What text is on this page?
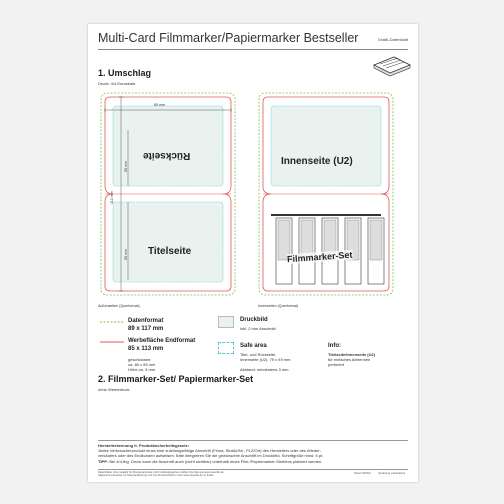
Multi-Card Filmmarker/Papiermarker Bestseller	Grafik-Datenblatt
1. Umschlag
Druck: 4/4 Euroskala
85 mm
113 mm
55 mm
55 mm
Rückseite
Titelseite
Außenseiten (Querformat)
Innenseite (U2)
Filmmarker-Set
Innenseiten (Querformat)
Datenformat
89 x 117 mm
Werbefläche Endformat
85 x 113 mm
geschlossen:
ca. 85 x 55 mm
Höhe ca. 3 mm
Druckbild
inkl. 2 mm Anschnitt
Safe area
Titel- und Rückseite,
Innenseite (U2): 79 x 49 mm
Abstand: mindestens 3 mm
Info:
Titelseite/Innenseite (U2)
für einfaches Abtrennen
perforiert
2. Filmmarker-Set/ Papiermarker-Set
ohne Werbedruck
Herstellerkennung lt. Produktsicherheitsgesetz:
Jedes Verbraucherprodukt muss eine zuteilungsfähige Anschrift (Firma, Straße/Nr., PLZ/Ort) des Herstellers oder des Wieder-
verkäufers oder des Endkunden aufweisen. Bitte integrieren Sie die gewünschte Anschrift im Druckbild. Schriftgröße mind. 6 pt.
TIPP: Bei 4/4-fbg. Druck kann die Anschrift auch (nicht sichtbar) unterhalb eines Film-/Papiermarker-Streifens platziert werden.
Datenblätter ohne Gewähr für Druckergebnisse (nicht maßstabsgetreu) wählen Sie bitte aus www.stueckle.de
Allgemeine Hinweise zur Datenanlieferung und zum Druckverfahren unter www.stueckle.de zu finden
Stand 10/2021	(Änderung vorbehalten)
